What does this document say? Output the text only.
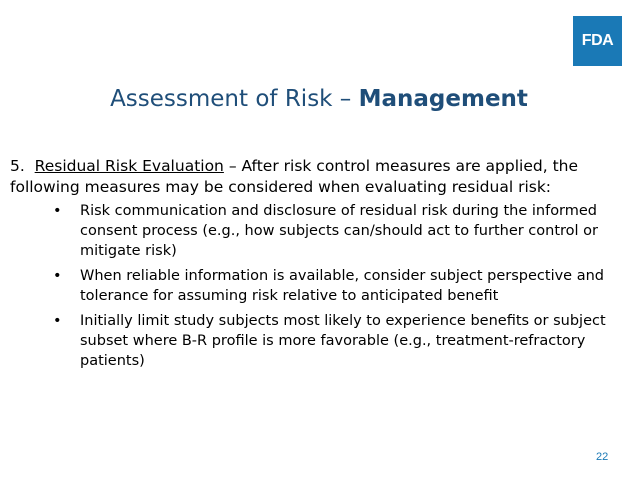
FDA
Assessment of Risk – Management

5. Residual Risk Evaluation – After risk control measures are applied, the following measures may be considered when evaluating residual risk:

• Risk communication and disclosure of residual risk during the informed consent process (e.g., how subjects can/should act to further control or mitigate risk)
• When reliable information is available, consider subject perspective and tolerance for assuming risk relative to anticipated benefit
• Initially limit study subjects most likely to experience benefits or subject subset where B-R profile is more favorable (e.g., treatment-refractory patients)
22
